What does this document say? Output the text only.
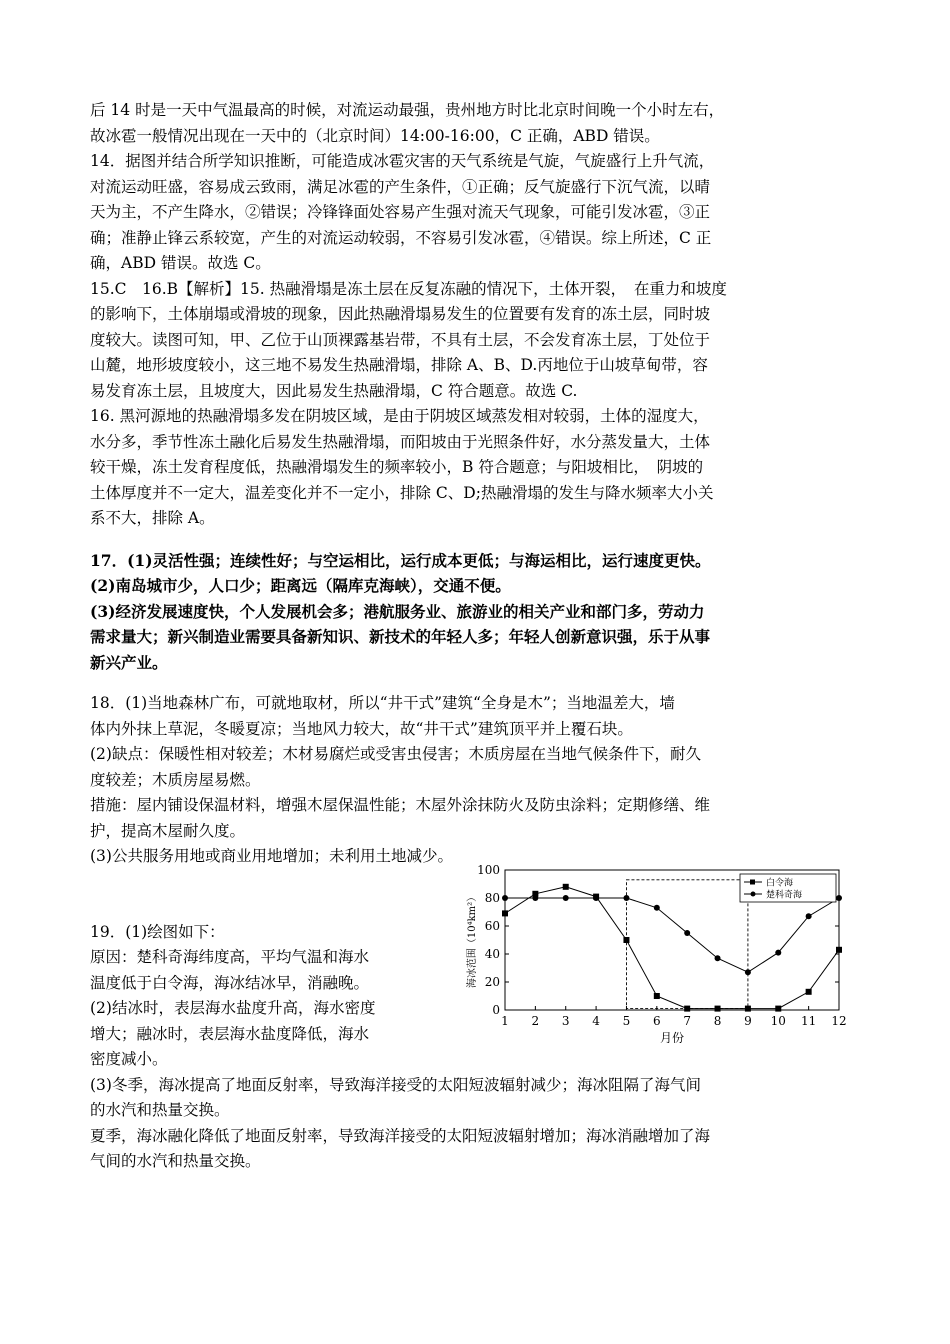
后 14 时是一天中气温最高的时候，对流运动最强，贵州地方时比北京时间晚一个小时左右，

故冰雹一般情况出现在一天中的（北京时间）14:00-16:00，C 正确，ABD 错误。

14．据图并结合所学知识推断，可能造成冰雹灾害的天气系统是气旋，气旋盛行上升气流，

对流运动旺盛，容易成云致雨，满足冰雹的产生条件，①正确；反气旋盛行下沉气流，以晴

天为主，不产生降水，②错误；冷锋锋面处容易产生强对流天气现象，可能引发冰雹，③正

确；准静止锋云系较宽，产生的对流运动较弱，不容易引发冰雹，④错误。综上所述，C 正

确，ABD 错误。故选 C。

15.C　16.B【解析】15. 热融滑塌是冻土层在反复冻融的情况下，土体开裂，　在重力和坡度

的影响下，土体崩塌或滑坡的现象，因此热融滑塌易发生的位置要有发育的冻土层，同时坡

度较大。读图可知，甲、乙位于山顶裸露基岩带，不具有土层，不会发育冻土层，丁处位于

山麓，地形坡度较小，这三地不易发生热融滑塌，排除 A、B、D.丙地位于山坡草甸带，容

易发育冻土层，且坡度大，因此易发生热融滑塌，C 符合题意。故选 C.

16. 黑河源地的热融滑塌多发在阴坡区域，是由于阴坡区域蒸发相对较弱，土体的湿度大，

水分多，季节性冻土融化后易发生热融滑塌，而阳坡由于光照条件好，水分蒸发量大，土体

较干燥，冻土发育程度低，热融滑塌发生的频率较小，B 符合题意；与阳坡相比，　阴坡的

土体厚度并不一定大，温差变化并不一定小，排除 C、D;热融滑塌的发生与降水频率大小关

系不大，排除 A。

17．(1)灵活性强；连续性好；与空运相比，运行成本更低；与海运相比，运行速度更快。

(2)南岛城市少，人口少；距离远（隔库克海峡），交通不便。

(3)经济发展速度快，个人发展机会多；港航服务业、旅游业的相关产业和部门多，劳动力

需求量大；新兴制造业需要具备新知识、新技术的年轻人多；年轻人创新意识强，乐于从事

新兴产业。

18．(1)当地森林广布，可就地取材，所以“井干式”建筑“全身是木”；当地温差大，墙

体内外抹上草泥，冬暖夏凉；当地风力较大，故“井干式”建筑顶平并上覆石块。

(2)缺点：保暖性相对较差；木材易腐烂或受害虫侵害；木质房屋在当地气候条件下，耐久

度较差；木质房屋易燃。

措施：屋内铺设保温材料，增强木屋保温性能；木屋外涂抹防火及防虫涂料；定期修缮、维

护，提高木屋耐久度。

(3)公共服务用地或商业用地增加；未利用土地减少。

19．(1)绘图如下：

原因：楚科奇海纬度高，平均气温和海水

温度低于白令海，海冰结冰早，消融晚。

(2)结冰时，表层海水盐度升高，海水密度

增大；融冰时，表层海水盐度降低，海水

密度减小。

0
20
40
60
80
100
1 2 3 4 5 6 7 8 9 10 11 12
月份
海冰范围（10⁴km²）
白令海
楚科奇海

(3)冬季，海冰提高了地面反射率，导致海洋接受的太阳短波辐射减少；海冰阻隔了海气间

的水汽和热量交换。

夏季，海冰融化降低了地面反射率，导致海洋接受的太阳短波辐射增加；海冰消融增加了海

气间的水汽和热量交换。
